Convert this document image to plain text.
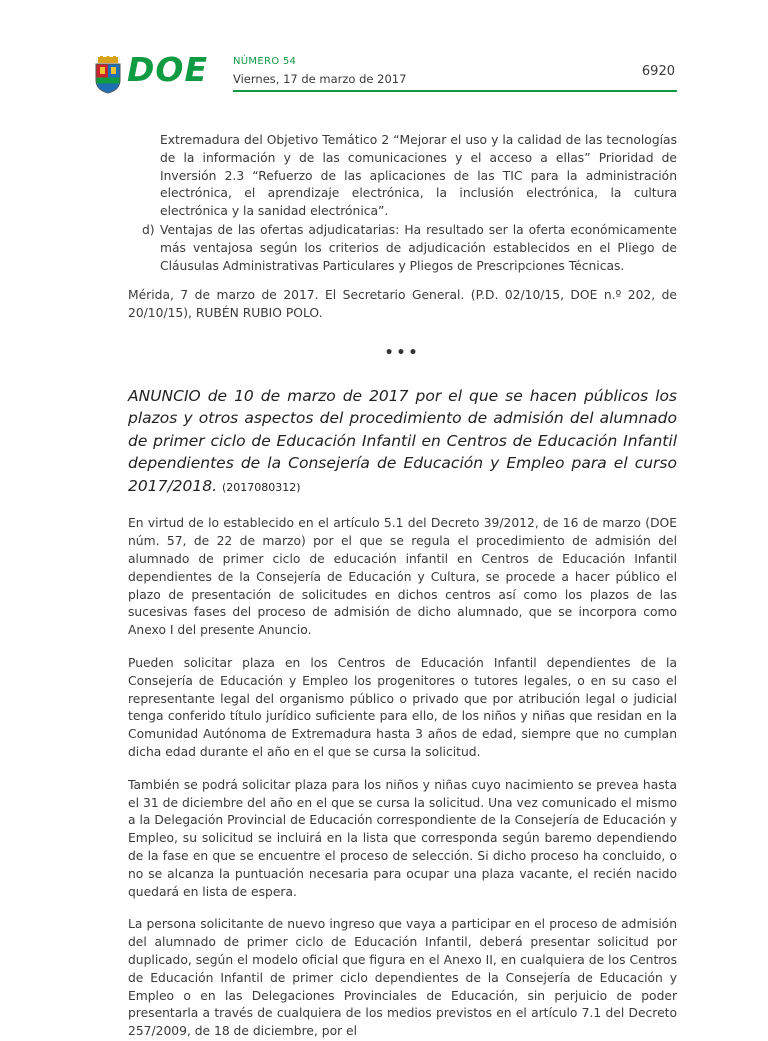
DOE	NÚMERO 54
Viernes, 17 de marzo de 2017	6920

Extremadura del Objetivo Temático 2 “Mejorar el uso y la calidad de las tecnologías de la información y de las comunicaciones y el acceso a ellas” Prioridad de Inversión 2.3 “Refuerzo de las aplicaciones de las TIC para la administración electrónica, el aprendizaje electrónica, la inclusión electrónica, la cultura electrónica y la sanidad electrónica”.

d) Ventajas de las ofertas adjudicatarias: Ha resultado ser la oferta económicamente más ventajosa según los criterios de adjudicación establecidos en el Pliego de Cláusulas Administrativas Particulares y Pliegos de Prescripciones Técnicas.

Mérida, 7 de marzo de 2017. El Secretario General. (P.D. 02/10/15, DOE n.º 202, de 20/10/15), RUBÉN RUBIO POLO.

•••
ANUNCIO de 10 de marzo de 2017 por el que se hacen públicos los plazos y otros aspectos del procedimiento de admisión del alumnado de primer ciclo de Educación Infantil en Centros de Educación Infantil dependientes de la Consejería de Educación y Empleo para el curso 2017/2018. (2017080312)

En virtud de lo establecido en el artículo 5.1 del Decreto 39/2012, de 16 de marzo (DOE núm. 57, de 22 de marzo) por el que se regula el procedimiento de admisión del alumnado de primer ciclo de educación infantil en Centros de Educación Infantil dependientes de la Consejería de Educación y Cultura, se procede a hacer público el plazo de presentación de solicitudes en dichos centros así como los plazos de las sucesivas fases del proceso de admisión de dicho alumnado, que se incorpora como Anexo I del presente Anuncio.

Pueden solicitar plaza en los Centros de Educación Infantil dependientes de la Consejería de Educación y Empleo los progenitores o tutores legales, o en su caso el representante legal del organismo público o privado que por atribución legal o judicial tenga conferido título jurídico suficiente para ello, de los niños y niñas que residan en la Comunidad Autónoma de Extremadura hasta 3 años de edad, siempre que no cumplan dicha edad durante el año en el que se cursa la solicitud.

También se podrá solicitar plaza para los niños y niñas cuyo nacimiento se prevea hasta el 31 de diciembre del año en el que se cursa la solicitud. Una vez comunicado el mismo a la Delegación Provincial de Educación correspondiente de la Consejería de Educación y Empleo, su solicitud se incluirá en la lista que corresponda según baremo dependiendo de la fase en que se encuentre el proceso de selección. Si dicho proceso ha concluido, o no se alcanza la puntuación necesaria para ocupar una plaza vacante, el recién nacido quedará en lista de espera.

La persona solicitante de nuevo ingreso que vaya a participar en el proceso de admisión del alumnado de primer ciclo de Educación Infantil, deberá presentar solicitud por duplicado, según el modelo oficial que figura en el Anexo II, en cualquiera de los Centros de Educación Infantil de primer ciclo dependientes de la Consejería de Educación y Empleo o en las Delegaciones Provinciales de Educación, sin perjuicio de poder presentarla a través de cualquiera de los medios previstos en el artículo 7.1 del Decreto 257/2009, de 18 de diciembre, por el
